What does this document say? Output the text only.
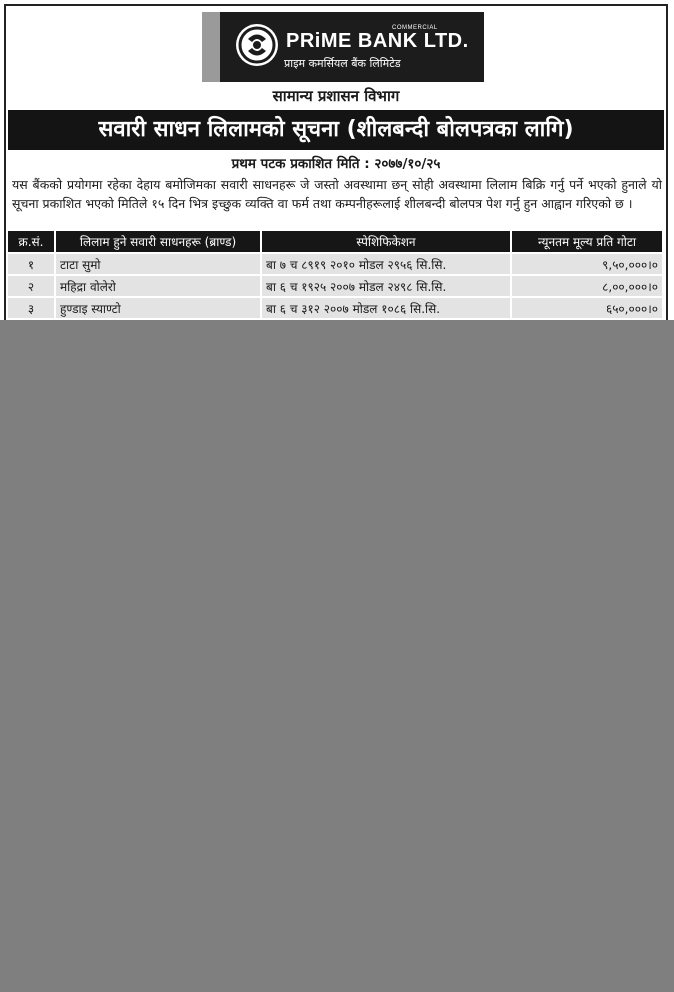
COMMERCIAL
PRiME BANK LTD.
प्राइम कमर्सियल बैंक लिमिटेड
सामान्य प्रशासन विभाग
सवारी साधन लिलामको सूचना (शीलबन्दी बोलपत्रका लागि)
प्रथम पटक प्रकाशित मिति : २०७७/१०/२५
यस बैंकको प्रयोगमा रहेका देहाय बमोजिमका सवारी साधनहरू जे जस्तो अवस्थामा छन् सोही अवस्थामा लिलाम बिक्रि गर्नु पर्ने भएको हुनाले यो सूचना प्रकाशित भएको मितिले १५ दिन भित्र इच्छुक व्यक्ति वा फर्म तथा कम्पनीहरूलाई शीलबन्दी बोलपत्र पेश गर्नु हुन आह्वान गरिएको छ ।
क्र.सं.	लिलाम हुने सवारी साधनहरू (ब्राण्ड)	स्पेशिफिकेशन	न्यूनतम मूल्य प्रति गोटा
१	टाटा सुमो	बा ७ च ८९१९ २०१० मोडल २९५६ सि.सि.	९,५०,०००।०
२	महिद्रा वोलेरो	बा ६ च १९२५ २००७ मोडल २४९८ सि.सि.	८,००,०००।०
३	हुण्डाइ स्याण्टो	बा ६ च ३१२ २००७ मोडल १०८६ सि.सि.	६५०,०००।०
